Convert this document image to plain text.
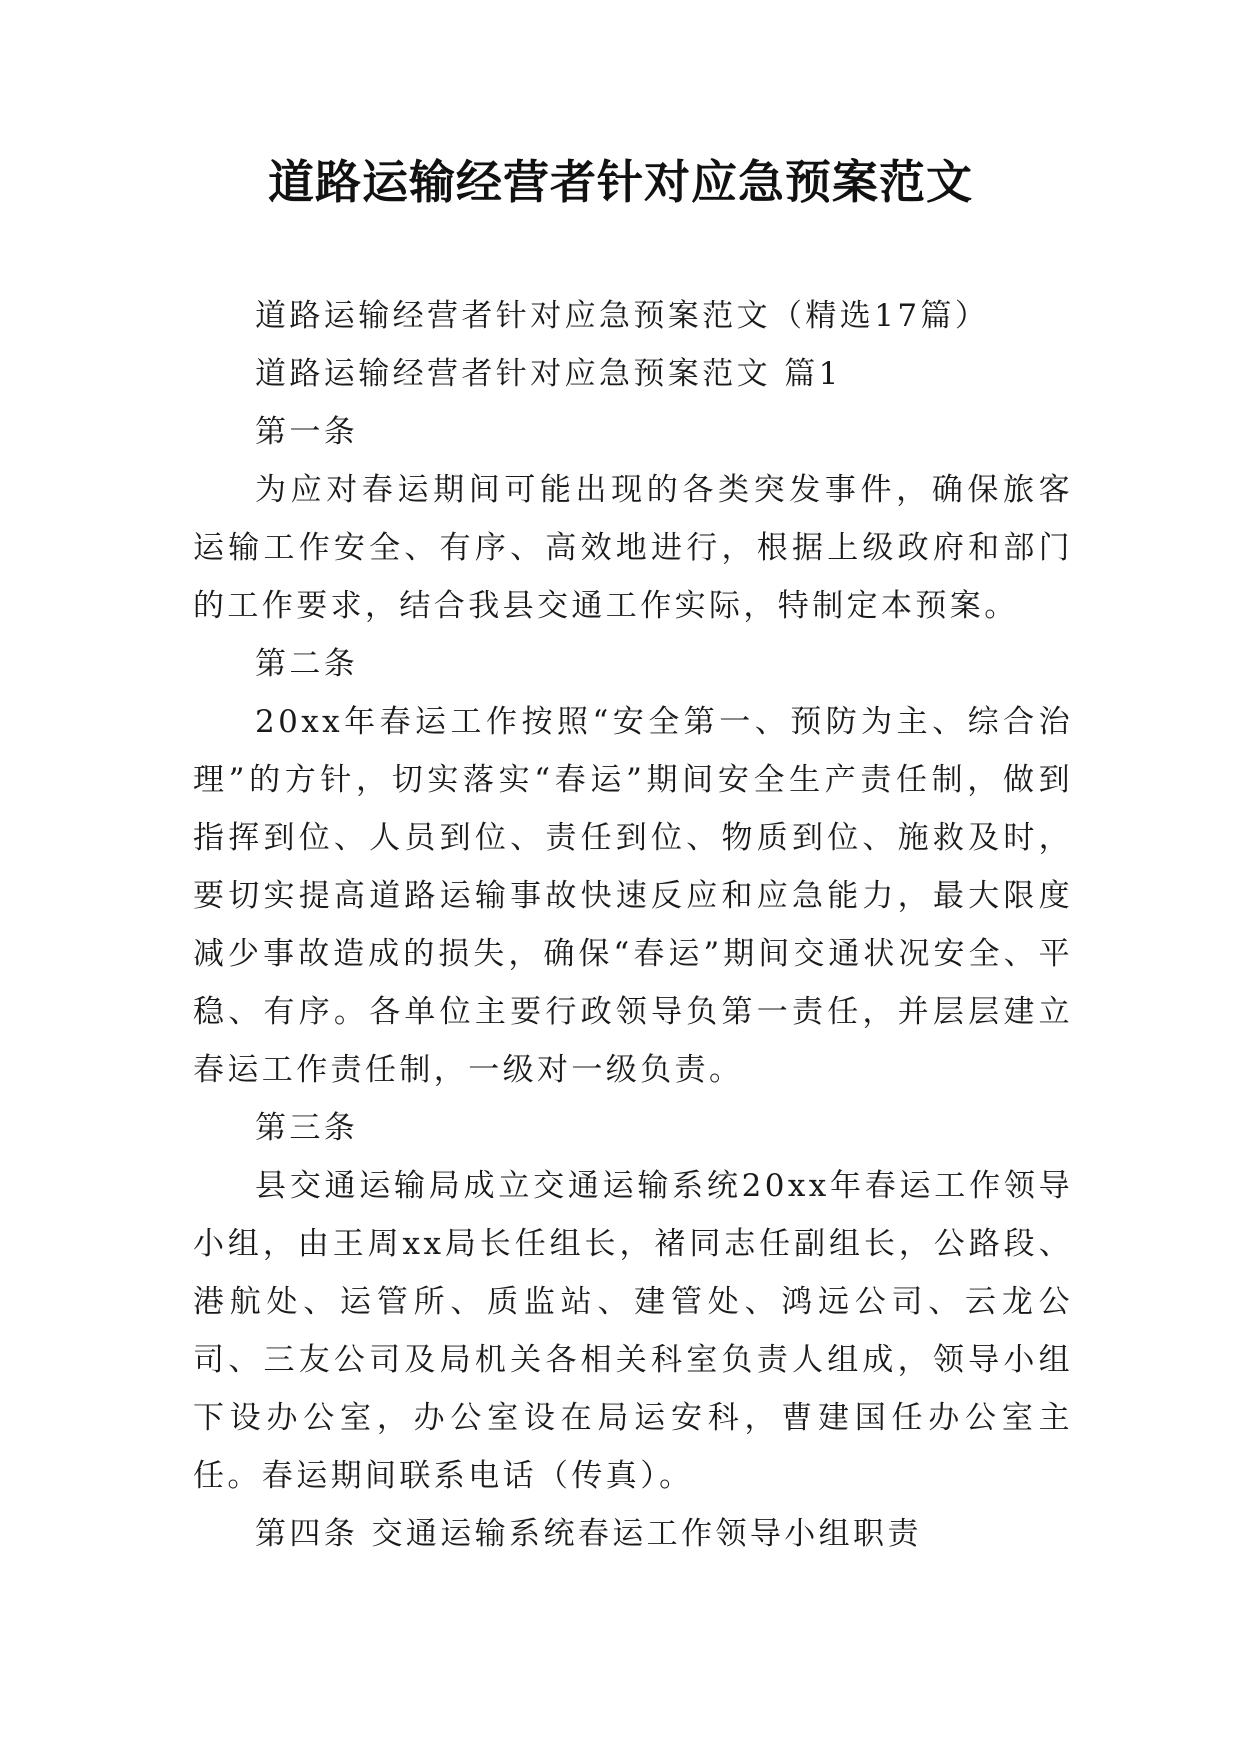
道路运输经营者针对应急预案范文

道路运输经营者针对应急预案范文（精选17篇）

道路运输经营者针对应急预案范文 篇1

第一条

为应对春运期间可能出现的各类突发事件，确保旅客运输工作安全、有序、高效地进行，根据上级政府和部门的工作要求，结合我县交通工作实际，特制定本预案。

第二条

20xx年春运工作按照“安全第一、预防为主、综合治理”的方针，切实落实“春运”期间安全生产责任制，做到指挥到位、人员到位、责任到位、物质到位、施救及时，要切实提高道路运输事故快速反应和应急能力，最大限度减少事故造成的损失，确保“春运”期间交通状况安全、平稳、有序。各单位主要行政领导负第一责任，并层层建立春运工作责任制，一级对一级负责。

第三条

县交通运输局成立交通运输系统20xx年春运工作领导小组，由王周xx局长任组长，褚同志任副组长，公路段、港航处、运管所、质监站、建管处、鸿远公司、云龙公司、三友公司及局机关各相关科室负责人组成，领导小组下设办公室，办公室设在局运安科，曹建国任办公室主任。春运期间联系电话（传真）。

第四条 交通运输系统春运工作领导小组职责
